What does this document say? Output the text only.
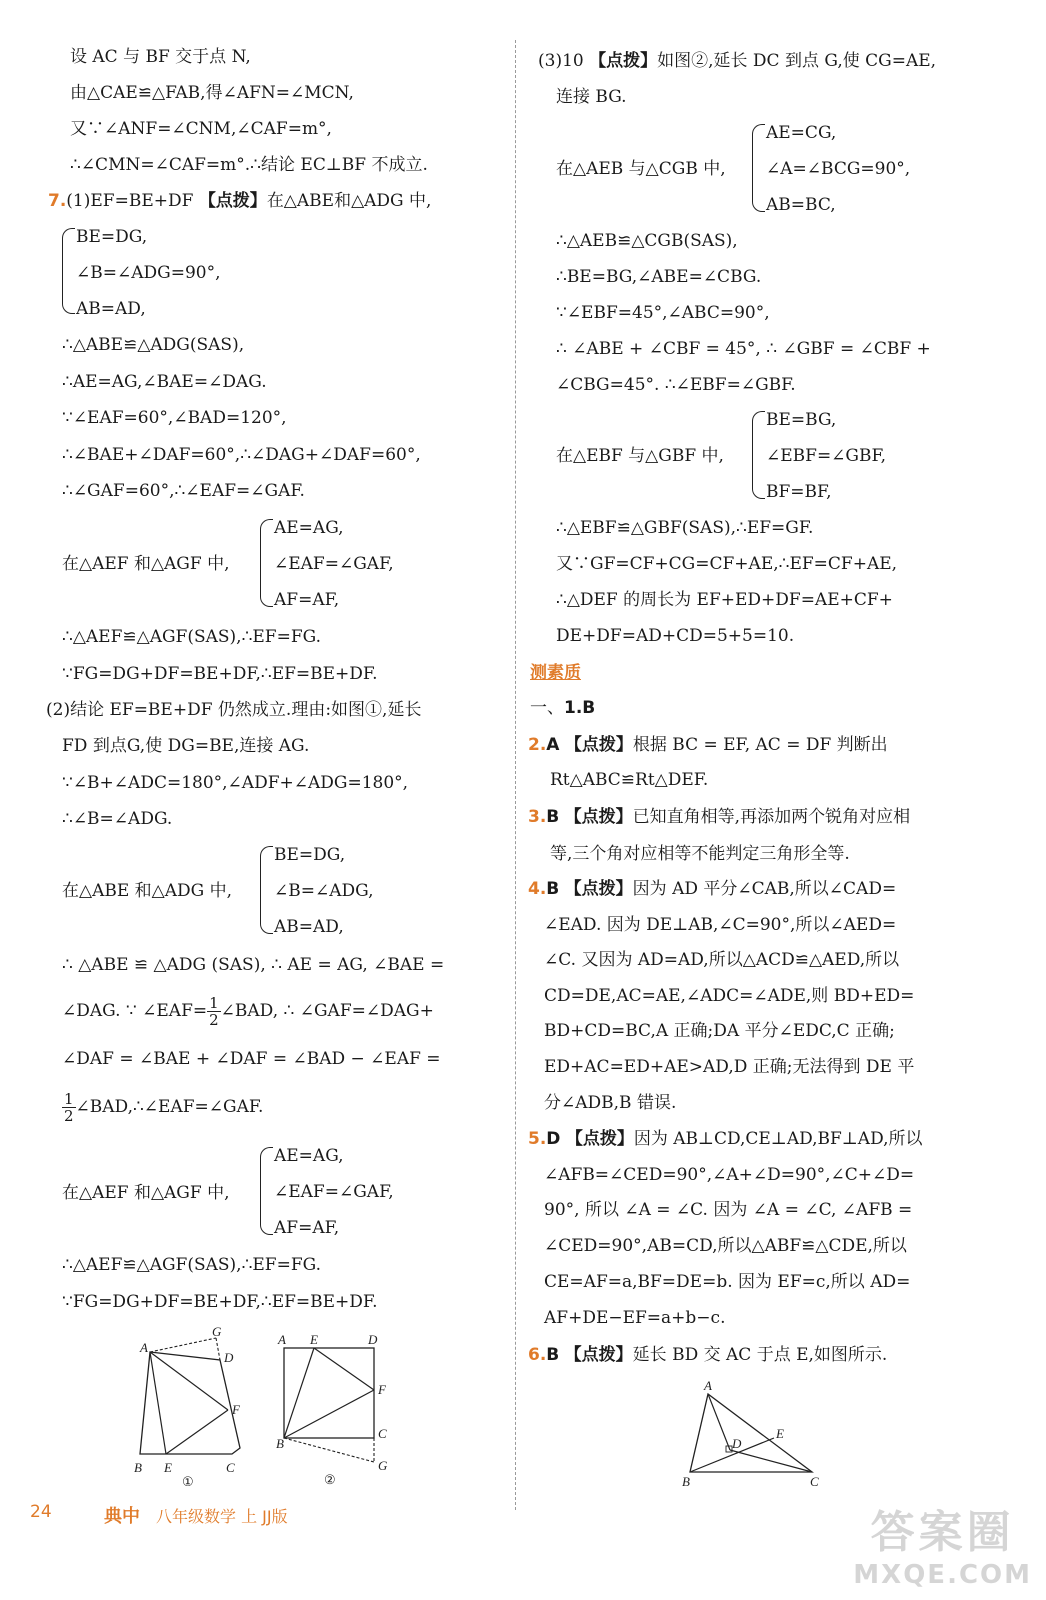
设 AC 与 BF 交于点 N,
由△CAE≌△FAB,得∠AFN=∠MCN,
又∵∠ANF=∠CNM,∠CAF=m°,
∴∠CMN=∠CAF=m°.∴结论 EC⊥BF 不成立.
7.(1)EF=BE+DF 【点拨】在△ABE和△ADG 中,
BE=DG,
∠B=∠ADG=90°,
AB=AD,
∴△ABE≌△ADG(SAS),
∴AE=AG,∠BAE=∠DAG.
∵∠EAF=60°,∠BAD=120°,
∴∠BAE+∠DAF=60°,∴∠DAG+∠DAF=60°,
∴∠GAF=60°,∴∠EAF=∠GAF.
在△AEF 和△AGF 中,
AE=AG,
∠EAF=∠GAF,
AF=AF,
∴△AEF≌△AGF(SAS),∴EF=FG.
∵FG=DG+DF=BE+DF,∴EF=BE+DF.
(2)结论 EF=BE+DF 仍然成立.理由:如图①,延长
FD 到点G,使 DG=BE,连接 AG.
∵∠B+∠ADC=180°,∠ADF+∠ADG=180°,
∴∠B=∠ADG.
在△ABE 和△ADG 中,
BE=DG,
∠B=∠ADG,
AB=AD,
∴ △ABE ≌ △ADG (SAS), ∴ AE = AG, ∠BAE =
∠DAG. ∵ ∠EAF= $\frac{1}{2}$ ∠BAD, ∴ ∠GAF=∠DAG+
∠DAF = ∠BAE + ∠DAF = ∠BAD − ∠EAF =
$\frac{1}{2}$ ∠BAD,∴∠EAF=∠GAF.
在△AEF 和△AGF 中,
AE=AG,
∠EAF=∠GAF,
AF=AF,
∴△AEF≌△AGF(SAS),∴EF=FG.
∵FG=DG+DF=BE+DF,∴EF=BE+DF.
G
A
D
F
B E	C
①
A E	D
F
B
C
G
②
(3)10 【点拨】如图②,延长 DC 到点 G,使 CG=AE,
连接 BG.
在△AEB 与△CGB 中,
AE=CG,
∠A=∠BCG=90°,
AB=BC,
∴△AEB≌△CGB(SAS),
∴BE=BG,∠ABE=∠CBG.
∵∠EBF=45°,∠ABC=90°,
∴ ∠ABE + ∠CBF = 45°, ∴ ∠GBF = ∠CBF +
∠CBG=45°. ∴∠EBF=∠GBF.
在△EBF 与△GBF 中,
BE=BG,
∠EBF=∠GBF,
BF=BF,
∴△EBF≌△GBF(SAS),∴EF=GF.
又∵GF=CF+CG=CF+AE,∴EF=CF+AE,
∴△DEF 的周长为 EF+ED+DF=AE+CF+
DE+DF=AD+CD=5+5=10.
测素质
一、1.B
2.A 【点拨】根据 BC = EF, AC = DF 判断出
Rt△ABC≌Rt△DEF.
3.B 【点拨】已知直角相等,再添加两个锐角对应相
等,三个角对应相等不能判定三角形全等.
4.B 【点拨】因为 AD 平分∠CAB,所以∠CAD=
∠EAD. 因为 DE⊥AB,∠C=90°,所以∠AED=
∠C. 又因为 AD=AD,所以△ACD≌△AED,所以
CD=DE,AC=AE,∠ADC=∠ADE,则 BD+ED=
BD+CD=BC,A 正确;DA 平分∠EDC,C 正确;
ED+AC=ED+AE>AD,D 正确;无法得到 DE 平
分∠ADB,B 错误.
5.D 【点拨】因为 AB⊥CD,CE⊥AD,BF⊥AD,所以
∠AFB=∠CED=90°,∠A+∠D=90°,∠C+∠D=
90°, 所以 ∠A = ∠C. 因为 ∠A = ∠C, ∠AFB =
∠CED=90°,AB=CD,所以△ABF≌△CDE,所以
CE=AF=a,BF=DE=b. 因为 EF=c,所以 AD=
AF+DE−EF=a+b−c.
6.B 【点拨】延长 BD 交 AC 于点 E,如图所示.
A
E
D
B	C
24	典中 八年级数学 上 JJ版	答案圈
MXQE.COM
